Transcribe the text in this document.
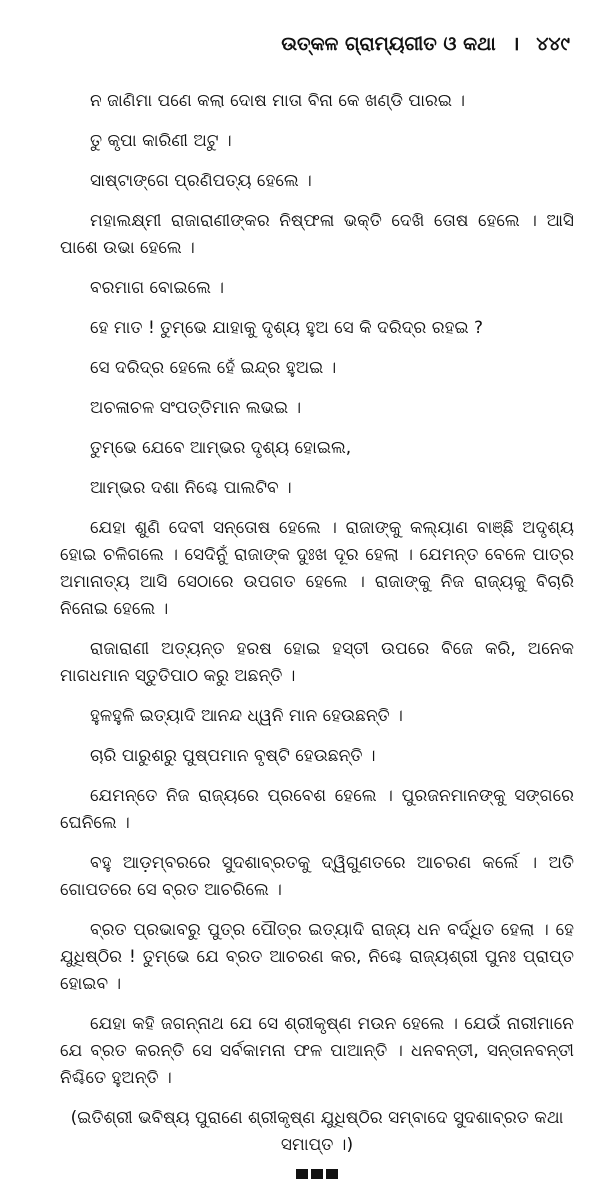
ଉତ୍କଳ ଗ୍ରାମ୍ୟଗୀତ ଓ କଥା । ୪୪୯

ନ ଜାଣିମା ପଣେ କଲା ଦୋଷ ମାତା ବିନା କେ ଖଣ୍ଡି ପାରଇ ।

ତୁ କୃପା କାରିଣୀ ଅଟୁ ।

ସାଷ୍ଟାଙ୍ଗେ ପ୍ରଣିପତ୍ୟ ହେଲେ ।

ମହାଲକ୍ଷ୍ମୀ ରାଜାରାଣୀଙ୍କର ନିଷ୍ଫଳା ଭକ୍ତି ଦେଖି ତୋଷ ହେଲେ । ଆସି ପାଶେ ଉଭା ହେଲେ ।

ବରମାଗ ବୋଇଲେ ।

ହେ ମାତ ! ତୁମ୍ଭେ ଯାହାକୁ ଦୃଶ୍ୟ ହୁଅ ସେ କି ଦରିଦ୍ର ରହଇ ?

ସେ ଦରିଦ୍ର ହେଲେ ହେଁ ଇନ୍ଦ୍ର ହୁଅଇ ।

ଅଚଳାଚଳ ସଂପତ୍ତିମାନ ଲଭଇ ।

ତୁମ୍ଭେ ଯେବେ ଆମ୍ଭର ଦୃଶ୍ୟ ହୋଇଲ,

ଆମ୍ଭର ଦଶା ନିଶ୍ଚେ ପାଲଟିବ ।

ଯେହା ଶୁଣି ଦେବୀ ସନ୍ତୋଷ ହେଲେ । ରାଜାଙ୍କୁ କଲ୍ୟାଣ ବାଞ୍ଛି ଅଦୃଶ୍ୟ ହୋଇ ଚଳିଗଲେ । ସେଦିନୁଁ ରାଜାଙ୍କ ଦୁଃଖ ଦୂର ହେଲା । ଯେମନ୍ତ ବେଳେ ପାତ୍ର ଅମାନାତ୍ୟ ଆସି ସେଠାରେ ଉପଗତ ହେଲେ । ରାଜାଙ୍କୁ ନିଜ ରାଜ୍ୟକୁ ବିଚାରି ନିନୋଇ ହେଲେ ।

ରାଜାରାଣୀ ଅତ୍ୟନ୍ତ ହରଷ ହୋଇ ହସ୍ତୀ ଉପରେ ବିଜେ କରି, ଅନେକ ମାଗଧମାନ ସ୍ତୁତିପାଠ କରୁ ଅଛନ୍ତି ।

ହୁଳହୁଳି ଇତ୍ୟାଦି ଆନନ୍ଦ ଧ୍ୱନି ମାନ ହେଉଛନ୍ତି ।

ଚାରି ପାରୁଶରୁ ପୁଷ୍ପମାନ ବୃଷ୍ଟି ହେଉଛନ୍ତି ।

ଯେମନ୍ତେ ନିଜ ରାଜ୍ୟରେ ପ୍ରବେଶ ହେଲେ । ପୁରଜନମାନଙ୍କୁ ସଙ୍ଗରେ ଘେନିଲେ ।

ବହୁ ଆଡ଼ମ୍ବରରେ ସୁଦଶାବ୍ରତକୁ ଦ୍ୱିଗୁଣତରେ ଆଚରଣ କର୍ଲେ । ଅତି ଗୋପତରେ ସେ ବ୍ରତ ଆଚରିଲେ ।

ବ୍ରତ ପ୍ରଭାବରୁ ପୁତ୍ର ପୌତ୍ର ଇତ୍ୟାଦି ରାଜ୍ୟ ଧନ ବର୍ଦ୍ଧିତ ହେଲା । ହେ ଯୁଧିଷ୍ଠିର ! ତୁମ୍ଭେ ଯେ ବ୍ରତ ଆଚରଣ କର, ନିଶ୍ଚେ ରାଜ୍ୟଶ୍ରୀ ପୁନଃ ପ୍ରାପ୍ତ ହୋଇବ ।

ଯେହା କହି ଜଗନ୍ନାଥ ଯେ ସେ ଶ୍ରୀକୃଷ୍ଣ ମଉନ ହେଲେ । ଯେଉଁ ନାରୀମାନେ ଯେ ବ୍ରତ କରନ୍ତି ସେ ସର୍ବକାମନା ଫଳ ପାଆନ୍ତି । ଧନବନ୍ତୀ, ସନ୍ତାନବନ୍ତୀ ନିଶ୍ଚିତେ ହୁଅନ୍ତି ।

(ଇତିଶ୍ରୀ ଭବିଷ୍ୟ ପୁରାଣେ ଶ୍ରୀକୃଷ୍ଣ ଯୁଧିଷ୍ଠିର ସମ୍ବାଦେ ସୁଦଶାବ୍ରତ କଥା ସମାପ୍ତ ।)
